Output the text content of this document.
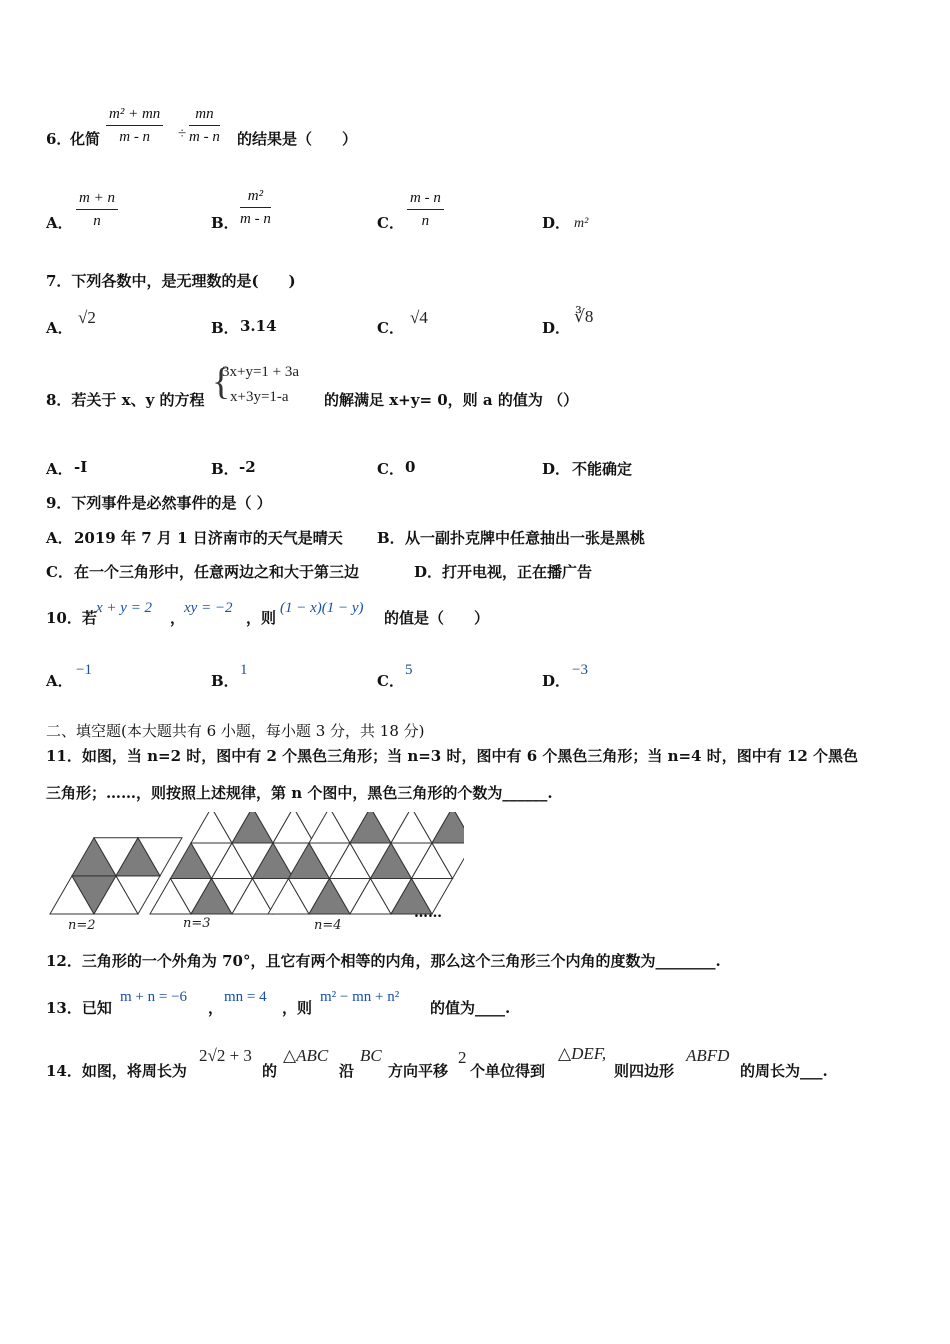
6．
化简 $\frac{\text{m² + mn}}{m - n} \div \frac{mn}{m - n}$ 的结果是（　　）
A． $\frac{m + n}{n}$	B． $\frac{\text{m²}}{m - n}$	C． $\frac{m - n}{n}$	D． m²
7．下列各数中，是无理数的是(　　)
A．
√2
B． 3.14	C．
√4
D．
∛8
8．若关于 x、y 的方程 {
3x+y=1 + 3a
x+3y=1-a 的解满足 x+y= 0，则 a 的值为 （）
A． -I	B． -2	C． 0	D． 不能确定
9．下列事件是必然事件的是（ ）
A． 2019 年 7 月 1 日济南市的天气是晴天 B． 从一副扑克牌中任意抽出一张是黑桃
C． 在一个三角形中，任意两边之和大于第三边	D． 打开电视，正在播广告
10．若
x + y = 2
，
xy = −2
，则
(1 − x)(1 − y)
的值是（　　）
A．
−1
B．
1
C．
5
D．
−3
二、填空题(本大题共有 6 小题，每小题 3 分，共 18 分)
11．如图，当 n=2 时，图中有 2 个黑色三角形；当 n=3 时，图中有 6 个黑色三角形；当 n=4 时，图中有 12 个黑色
三角形；……，则按照上述规律，第 n 个图中，黑色三角形的个数为______.
n=2	n=3	n=4
……
12．三角形的一个外角为 70°，且它有两个相等的内角，那么这个三角形三个内角的度数为________.
13．已知
m + n = −6
，
mn = 4
，则
m² − mn + n²
的值为____.
14．如图，将周长为
2√2 + 3
的
△ABC
沿
BC
方向平移
2
个单位得到
△DEF,
则四边形
ABFD
的周长为___.
